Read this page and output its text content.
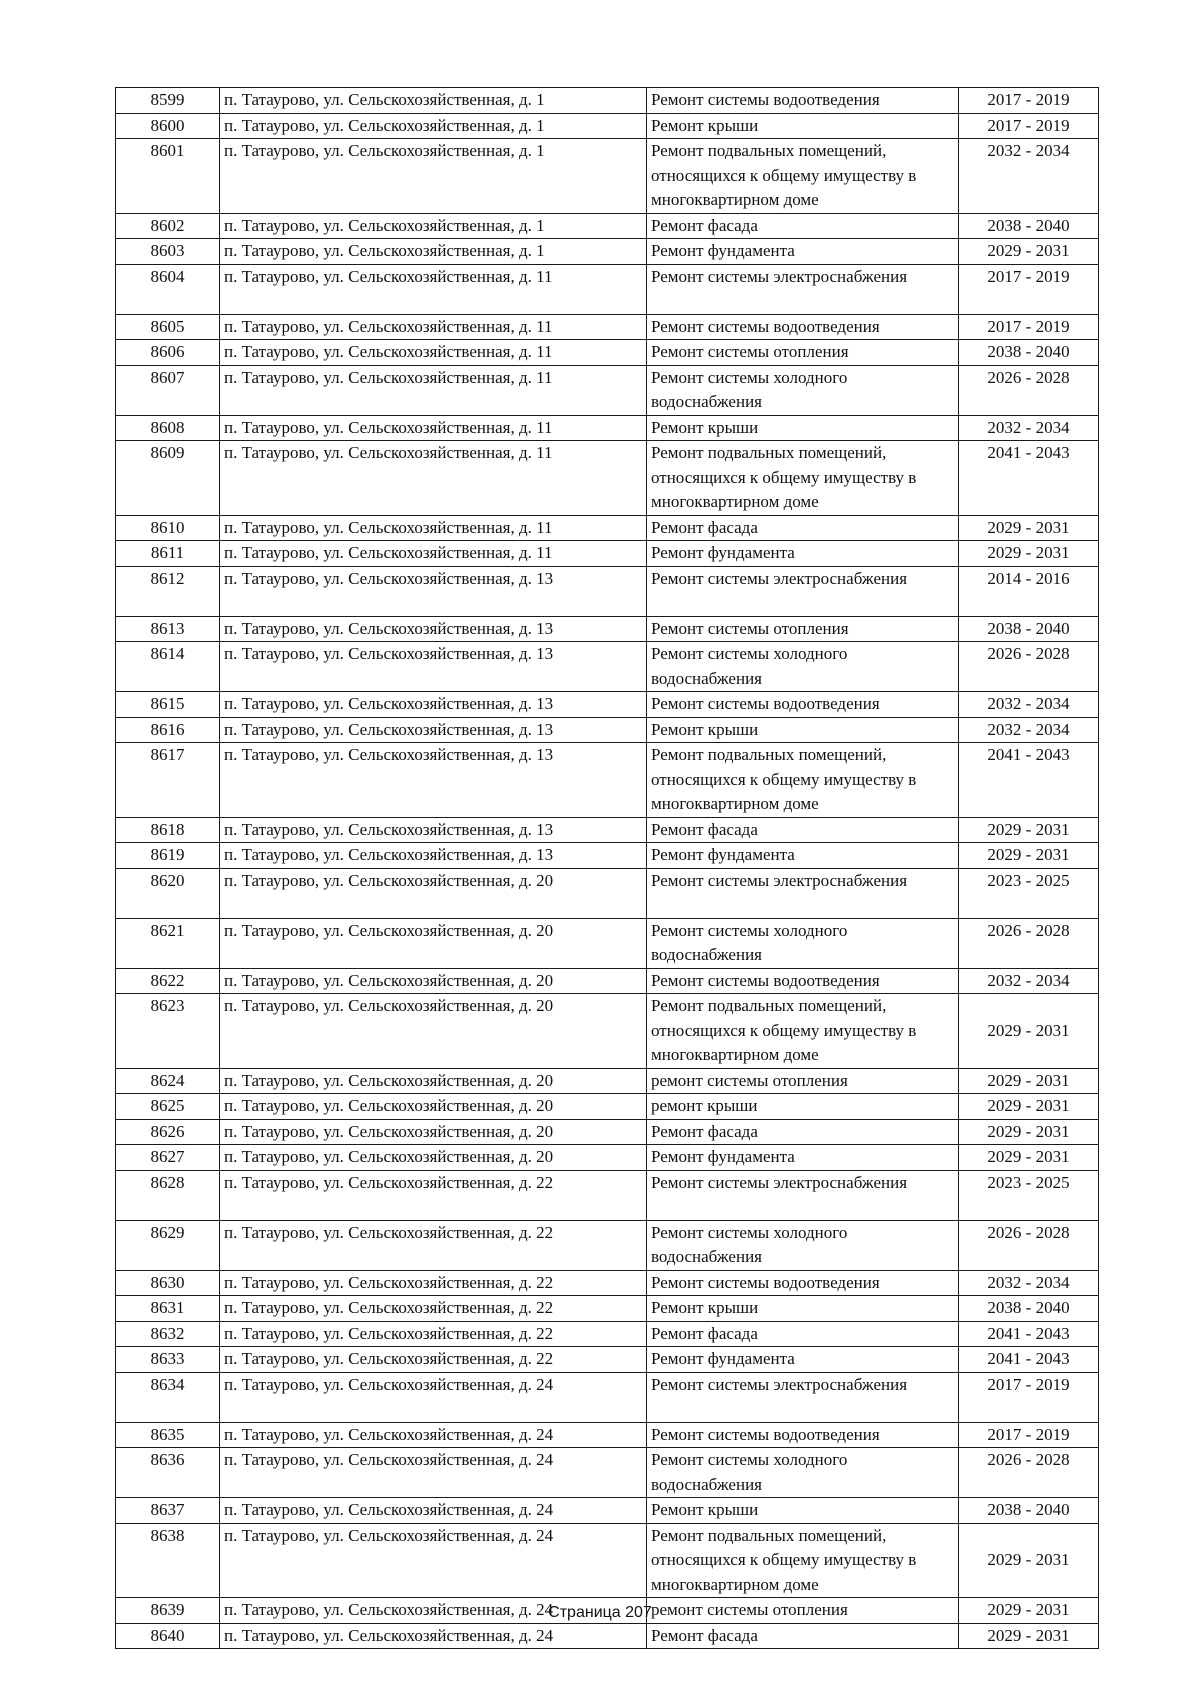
8599	п. Татаурово, ул. Сельскохозяйственная, д. 1	Ремонт системы водоотведения	2017 - 2019
8600	п. Татаурово, ул. Сельскохозяйственная, д. 1	Ремонт крыши	2017 - 2019
8601	п. Татаурово, ул. Сельскохозяйственная, д. 1	Ремонт подвальных помещений, относящихся к общему имуществу в многоквартирном доме	2032 - 2034
8602	п. Татаурово, ул. Сельскохозяйственная, д. 1	Ремонт фасада	2038 - 2040
8603	п. Татаурово, ул. Сельскохозяйственная, д. 1	Ремонт фундамента	2029 - 2031
8604	п. Татаурово, ул. Сельскохозяйственная, д. 11	Ремонт системы электроснабжения	2017 - 2019
8605	п. Татаурово, ул. Сельскохозяйственная, д. 11	Ремонт системы водоотведения	2017 - 2019
8606	п. Татаурово, ул. Сельскохозяйственная, д. 11	Ремонт системы отопления	2038 - 2040
8607	п. Татаурово, ул. Сельскохозяйственная, д. 11	Ремонт системы холодного водоснабжения	2026 - 2028
8608	п. Татаурово, ул. Сельскохозяйственная, д. 11	Ремонт крыши	2032 - 2034
8609	п. Татаурово, ул. Сельскохозяйственная, д. 11	Ремонт подвальных помещений, относящихся к общему имуществу в многоквартирном доме	2041 - 2043
8610	п. Татаурово, ул. Сельскохозяйственная, д. 11	Ремонт фасада	2029 - 2031
8611	п. Татаурово, ул. Сельскохозяйственная, д. 11	Ремонт фундамента	2029 - 2031
8612	п. Татаурово, ул. Сельскохозяйственная, д. 13	Ремонт системы электроснабжения	2014 - 2016
8613	п. Татаурово, ул. Сельскохозяйственная, д. 13	Ремонт системы отопления	2038 - 2040
8614	п. Татаурово, ул. Сельскохозяйственная, д. 13	Ремонт системы холодного водоснабжения	2026 - 2028
8615	п. Татаурово, ул. Сельскохозяйственная, д. 13	Ремонт системы водоотведения	2032 - 2034
8616	п. Татаурово, ул. Сельскохозяйственная, д. 13	Ремонт крыши	2032 - 2034
8617	п. Татаурово, ул. Сельскохозяйственная, д. 13	Ремонт подвальных помещений, относящихся к общему имуществу в многоквартирном доме	2041 - 2043
8618	п. Татаурово, ул. Сельскохозяйственная, д. 13	Ремонт фасада	2029 - 2031
8619	п. Татаурово, ул. Сельскохозяйственная, д. 13	Ремонт фундамента	2029 - 2031
8620	п. Татаурово, ул. Сельскохозяйственная, д. 20	Ремонт системы электроснабжения	2023 - 2025
8621	п. Татаурово, ул. Сельскохозяйственная, д. 20	Ремонт системы холодного водоснабжения	2026 - 2028
8622	п. Татаурово, ул. Сельскохозяйственная, д. 20	Ремонт системы водоотведения	2032 - 2034
8623	п. Татаурово, ул. Сельскохозяйственная, д. 20	Ремонт подвальных помещений, относящихся к общему имуществу в многоквартирном доме	2029 - 2031
8624	п. Татаурово, ул. Сельскохозяйственная, д. 20	ремонт системы отопления	2029 - 2031
8625	п. Татаурово, ул. Сельскохозяйственная, д. 20	ремонт крыши	2029 - 2031
8626	п. Татаурово, ул. Сельскохозяйственная, д. 20	Ремонт фасада	2029 - 2031
8627	п. Татаурово, ул. Сельскохозяйственная, д. 20	Ремонт фундамента	2029 - 2031
8628	п. Татаурово, ул. Сельскохозяйственная, д. 22	Ремонт системы электроснабжения	2023 - 2025
8629	п. Татаурово, ул. Сельскохозяйственная, д. 22	Ремонт системы холодного водоснабжения	2026 - 2028
8630	п. Татаурово, ул. Сельскохозяйственная, д. 22	Ремонт системы водоотведения	2032 - 2034
8631	п. Татаурово, ул. Сельскохозяйственная, д. 22	Ремонт крыши	2038 - 2040
8632	п. Татаурово, ул. Сельскохозяйственная, д. 22	Ремонт фасада	2041 - 2043
8633	п. Татаурово, ул. Сельскохозяйственная, д. 22	Ремонт фундамента	2041 - 2043
8634	п. Татаурово, ул. Сельскохозяйственная, д. 24	Ремонт системы электроснабжения	2017 - 2019
8635	п. Татаурово, ул. Сельскохозяйственная, д. 24	Ремонт системы водоотведения	2017 - 2019
8636	п. Татаурово, ул. Сельскохозяйственная, д. 24	Ремонт системы холодного водоснабжения	2026 - 2028
8637	п. Татаурово, ул. Сельскохозяйственная, д. 24	Ремонт крыши	2038 - 2040
8638	п. Татаурово, ул. Сельскохозяйственная, д. 24	Ремонт подвальных помещений, относящихся к общему имуществу в многоквартирном доме	2029 - 2031
8639	п. Татаурово, ул. Сельскохозяйственная, д. 24	ремонт системы отопления	2029 - 2031
8640	п. Татаурово, ул. Сельскохозяйственная, д. 24	Ремонт фасада	2029 - 2031
Страница 207
